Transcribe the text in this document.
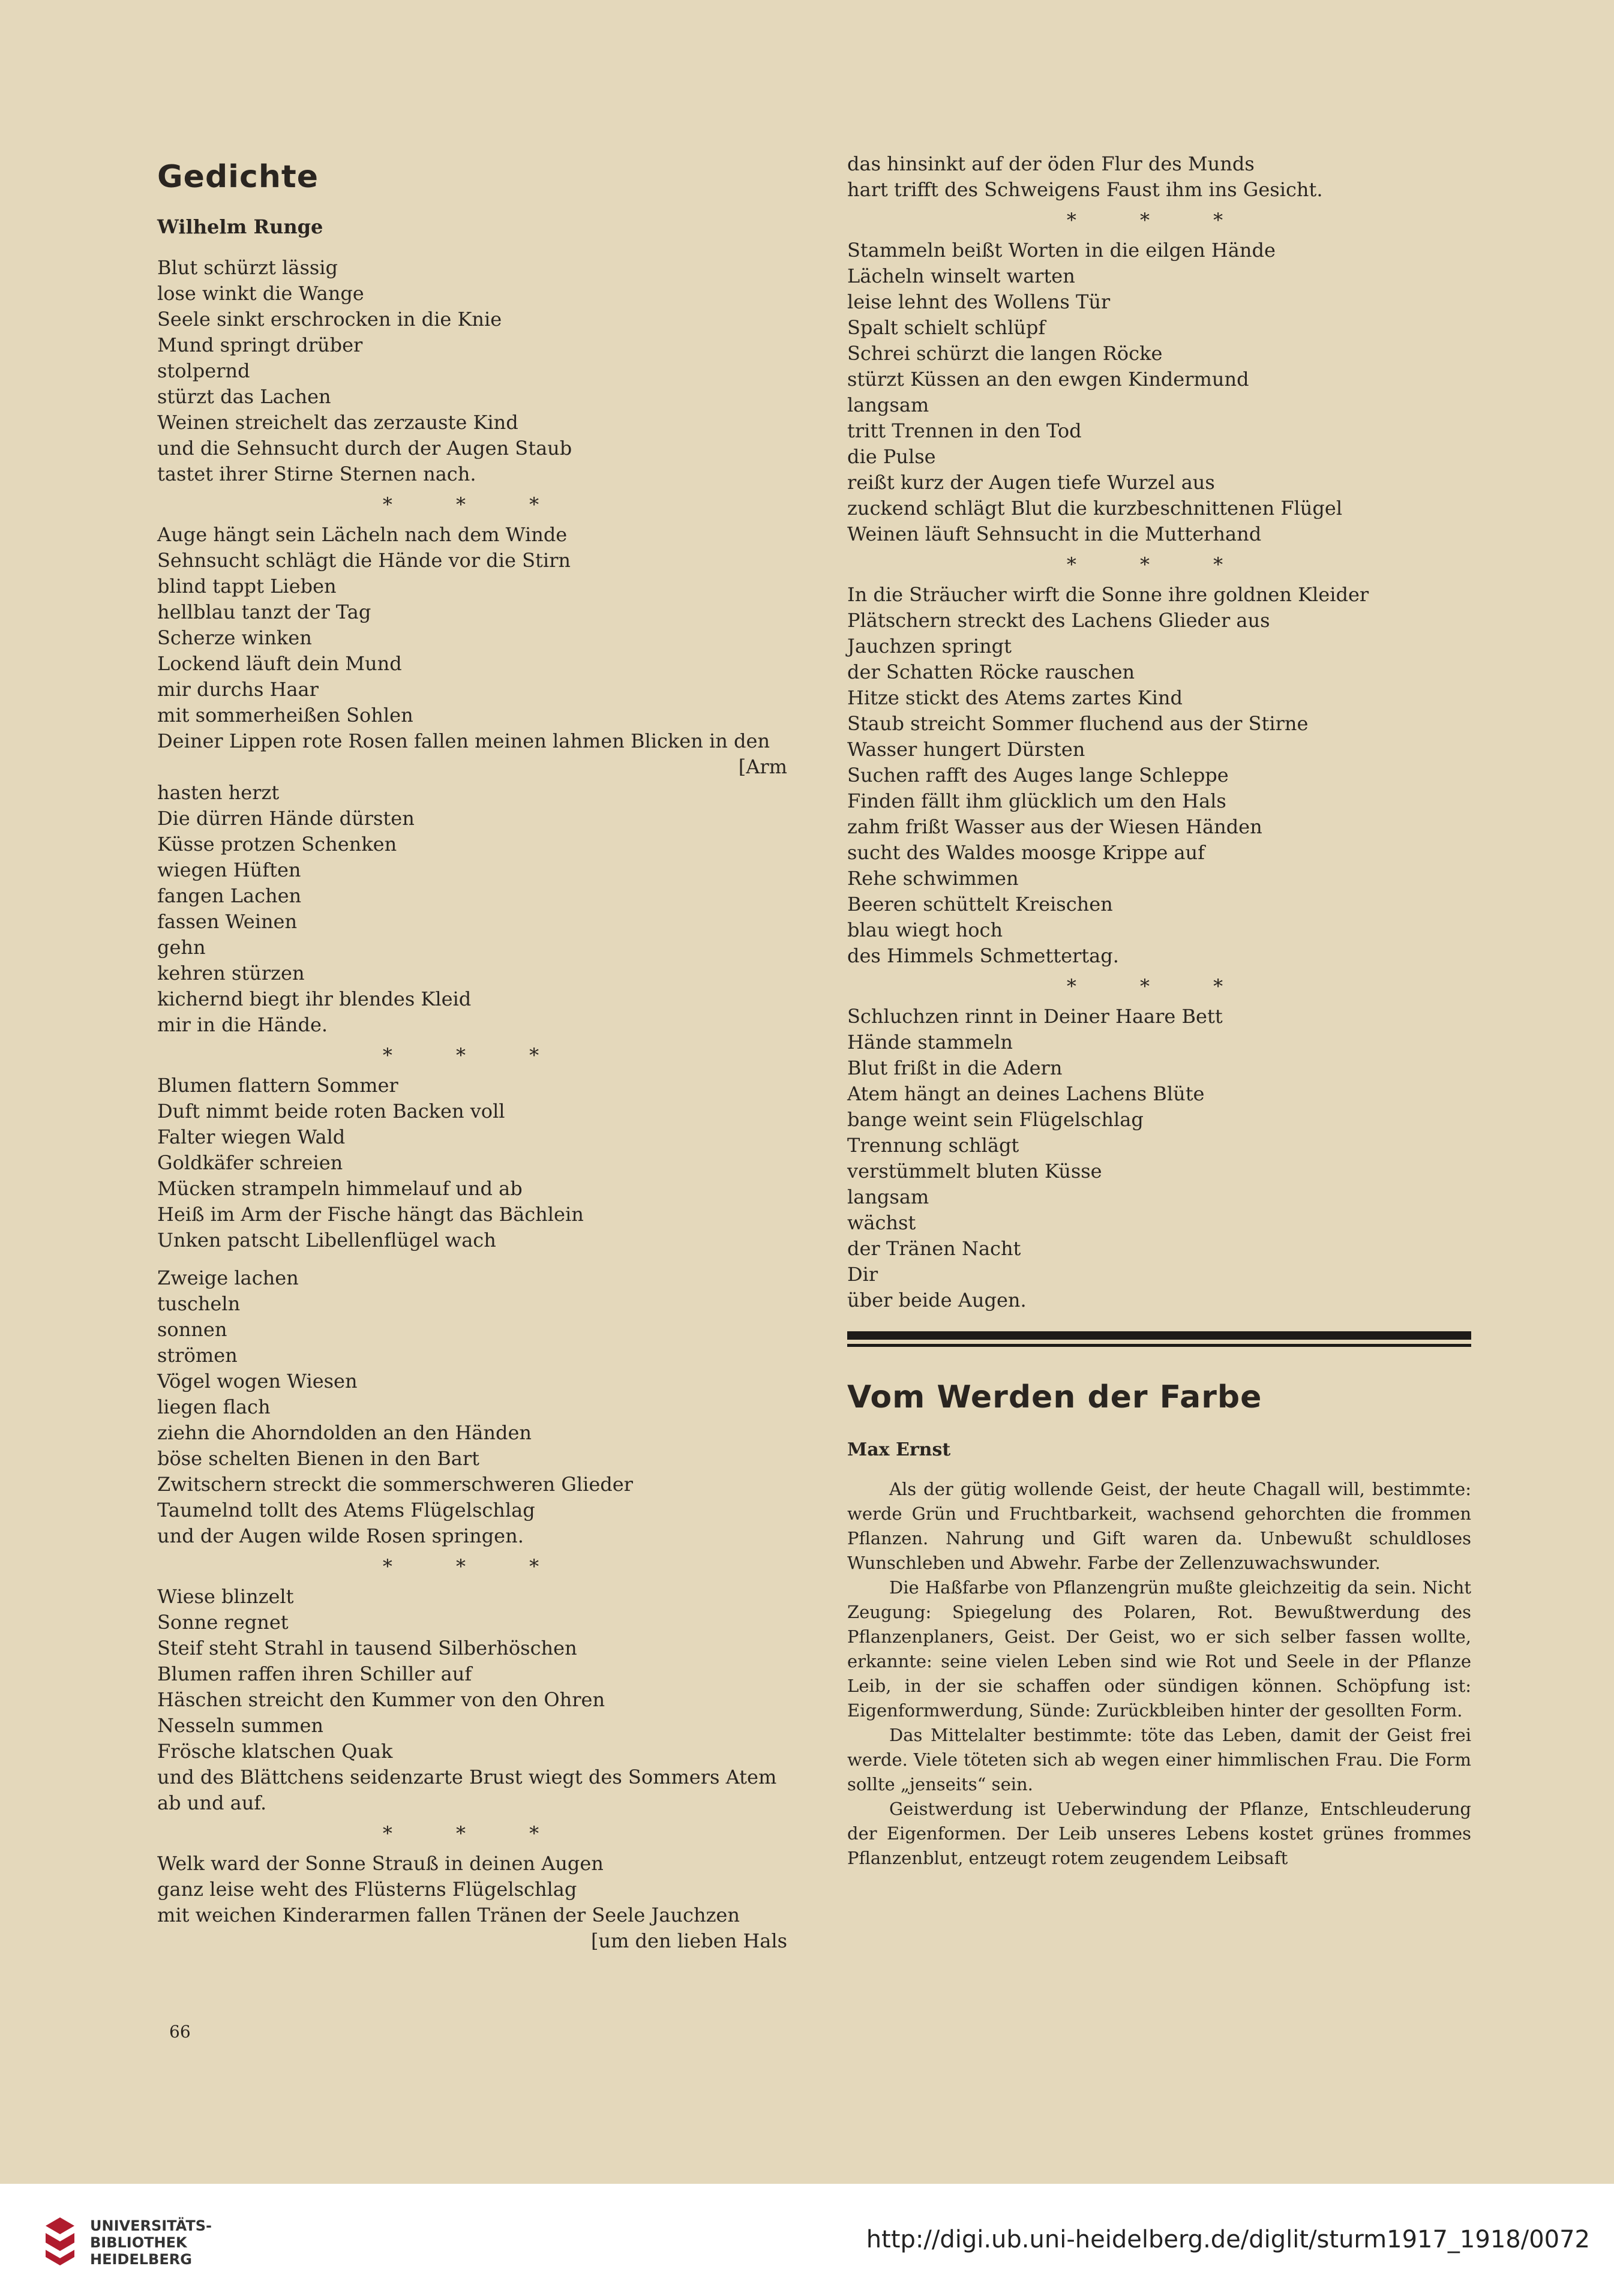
Gedichte
Wilhelm Runge
Blut schürzt lässig
lose winkt die Wange
Seele sinkt erschrocken in die Knie
Mund springt drüber
stolpernd
stürzt das Lachen
Weinen streichelt das zerzauste Kind
und die Sehnsucht durch der Augen Staub
tastet ihrer Stirne Sternen nach.
* * *
Auge hängt sein Lächeln nach dem Winde
Sehnsucht schlägt die Hände vor die Stirn
blind tappt Lieben
hellblau tanzt der Tag
Scherze winken
Lockend läuft dein Mund
mir durchs Haar
mit sommerheißen Sohlen
Deiner Lippen rote Rosen fallen meinen lahmen Blicken in den
[Arm
hasten herzt
Die dürren Hände dürsten
Küsse protzen Schenken
wiegen Hüften
fangen Lachen
fassen Weinen
gehn
kehren stürzen
kichernd biegt ihr blendes Kleid
mir in die Hände.
* * *
Blumen flattern Sommer
Duft nimmt beide roten Backen voll
Falter wiegen Wald
Goldkäfer schreien
Mücken strampeln himmelauf und ab
Heiß im Arm der Fische hängt das Bächlein
Unken patscht Libellenflügel wach
Zweige lachen
tuscheln
sonnen
strömen
Vögel wogen Wiesen
liegen flach
ziehn die Ahorndolden an den Händen
böse schelten Bienen in den Bart
Zwitschern streckt die sommerschweren Glieder
Taumelnd tollt des Atems Flügelschlag
und der Augen wilde Rosen springen.
* * *
Wiese blinzelt
Sonne regnet
Steif steht Strahl in tausend Silberhöschen
Blumen raffen ihren Schiller auf
Häschen streicht den Kummer von den Ohren
Nesseln summen
Frösche klatschen Quak
und des Blättchens seidenzarte Brust wiegt des Sommers Atem
ab und auf.
* * *
Welk ward der Sonne Strauß in deinen Augen
ganz leise weht des Flüsterns Flügelschlag
mit weichen Kinderarmen fallen Tränen der Seele Jauchzen
[um den lieben Hals
66
das hinsinkt auf der öden Flur des Munds
hart trifft des Schweigens Faust ihm ins Gesicht.
* * *
Stammeln beißt Worten in die eilgen Hände
Lächeln winselt warten
leise lehnt des Wollens Tür
Spalt schielt schlüpf
Schrei schürzt die langen Röcke
stürzt Küssen an den ewgen Kindermund
langsam
tritt Trennen in den Tod
die Pulse
reißt kurz der Augen tiefe Wurzel aus
zuckend schlägt Blut die kurzbeschnittenen Flügel
Weinen läuft Sehnsucht in die Mutterhand
* * *
In die Sträucher wirft die Sonne ihre goldnen Kleider
Plätschern streckt des Lachens Glieder aus
Jauchzen springt
der Schatten Röcke rauschen
Hitze stickt des Atems zartes Kind
Staub streicht Sommer fluchend aus der Stirne
Wasser hungert Dürsten
Suchen rafft des Auges lange Schleppe
Finden fällt ihm glücklich um den Hals
zahm frißt Wasser aus der Wiesen Händen
sucht des Waldes moosge Krippe auf
Rehe schwimmen
Beeren schüttelt Kreischen
blau wiegt hoch
des Himmels Schmettertag.
* * *
Schluchzen rinnt in Deiner Haare Bett
Hände stammeln
Blut frißt in die Adern
Atem hängt an deines Lachens Blüte
bange weint sein Flügelschlag
Trennung schlägt
verstümmelt bluten Küsse
langsam
wächst
der Tränen Nacht
Dir
über beide Augen.
Vom Werden der Farbe
Max Ernst

Als der gütig wollende Geist, der heute Chagall will, bestimmte: werde Grün und Fruchtbarkeit, wachsend gehorchten die frommen Pflanzen. Nahrung und Gift waren da. Unbewußt schuldloses Wunschleben und Abwehr. Farbe der Zellenzuwachswunder.

Die Haßfarbe von Pflanzengrün mußte gleichzeitig da sein. Nicht Zeugung: Spiegelung des Polaren, Rot. Bewußtwerdung des Pflanzenplaners, Geist. Der Geist, wo er sich selber fassen wollte, erkannte: seine vielen Leben sind wie Rot und Seele in der Pflanze Leib, in der sie schaffen oder sündigen können. Schöpfung ist: Eigenformwerdung, Sünde: Zurückbleiben hinter der gesollten Form.

Das Mittelalter bestimmte: töte das Leben, damit der Geist frei werde. Viele töteten sich ab wegen einer himmlischen Frau. Die Form sollte „jenseits“ sein.

Geistwerdung ist Ueberwindung der Pflanze, Entschleuderung der Eigenformen. Der Leib unseres Lebens kostet grünes frommes Pflanzenblut, entzeugt rotem zeugendem Leibsaft

UNIVERSITÄTS-
BIBLIOTHEK
HEIDELBERG
http://digi.ub.uni-heidelberg.de/diglit/sturm1917_1918/0072
